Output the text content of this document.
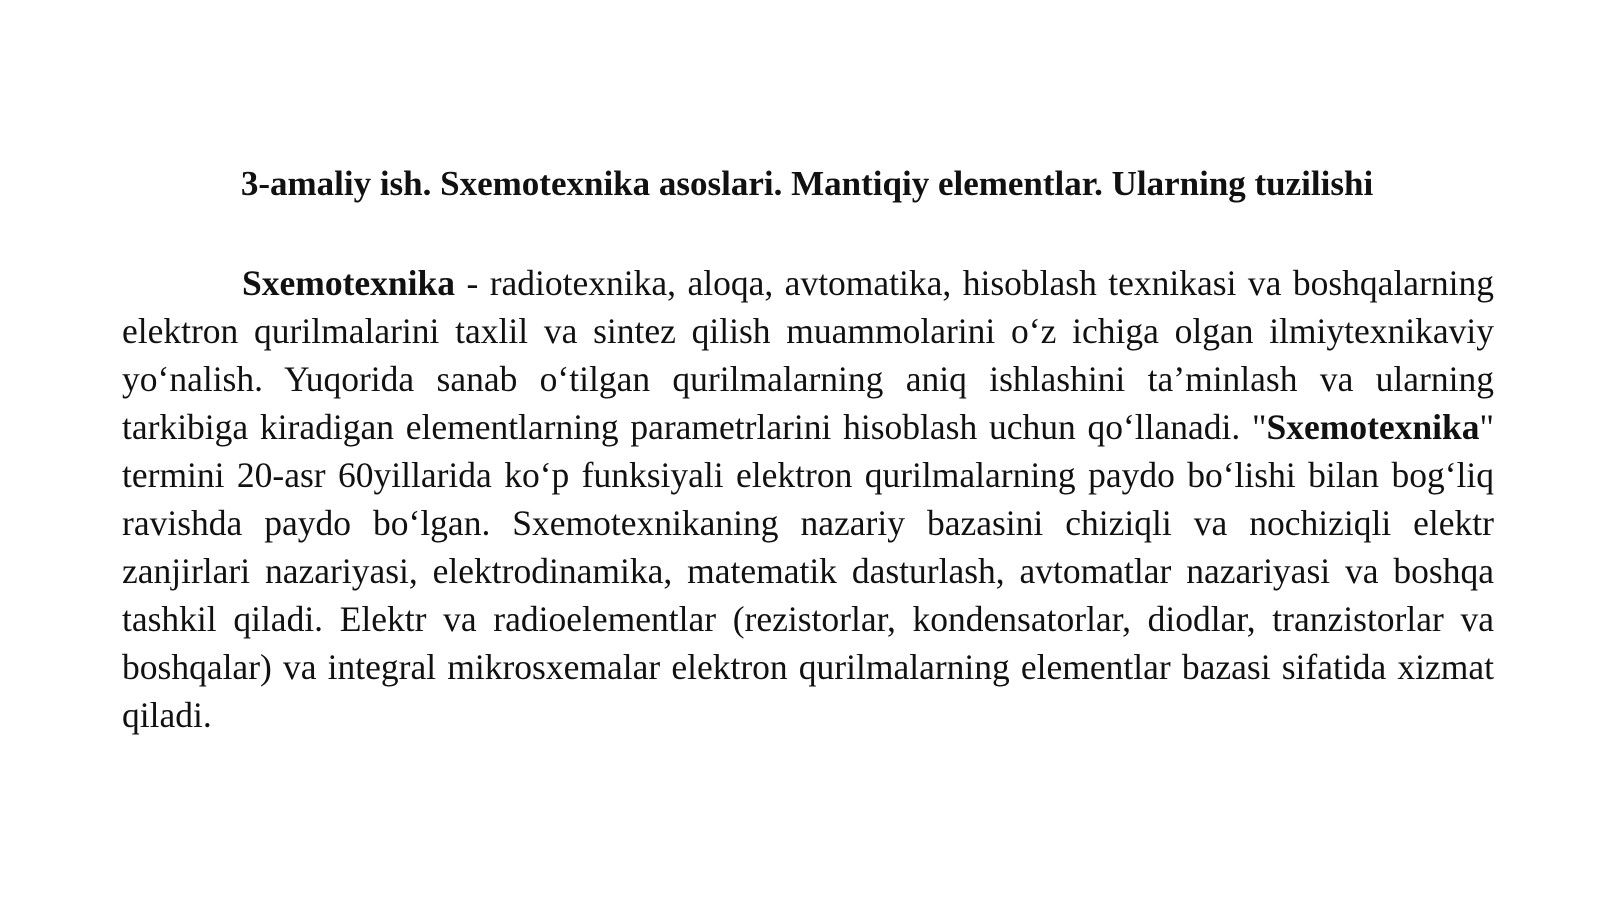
3-amaliy ish. Sxemotexnika asoslari. Mantiqiy elementlar. Ularning tuzilishi

Sxemotexnika - radiotexnika, aloqa, avtomatika, hisoblash texnikasi va boshqalarning elektron qurilmalarini taxlil va sintez qilish muammolarini oʻz ichiga olgan ilmiytexnikaviy yoʻnalish. Yuqorida sanab oʻtilgan qurilmalarning aniq ishlashini ta’minlash va ularning tarkibiga kiradigan elementlarning parametrlarini hisoblash uchun qoʻllanadi. "Sxemotexnika" termini 20-asr 60yillarida koʻp funksiyali elektron qurilmalarning paydo boʻlishi bilan bogʻliq ravishda paydo boʻlgan. Sxemotexnikaning nazariy bazasini chiziqli va nochiziqli elektr zanjirlari nazariyasi, elektrodinamika, matematik dasturlash, avtomatlar nazariyasi va boshqa tashkil qiladi. Elektr va radioelementlar (rezistorlar, kondensatorlar, diodlar, tranzistorlar va boshqalar) va integral mikrosxemalar elektron qurilmalarning elementlar bazasi sifatida xizmat qiladi.
